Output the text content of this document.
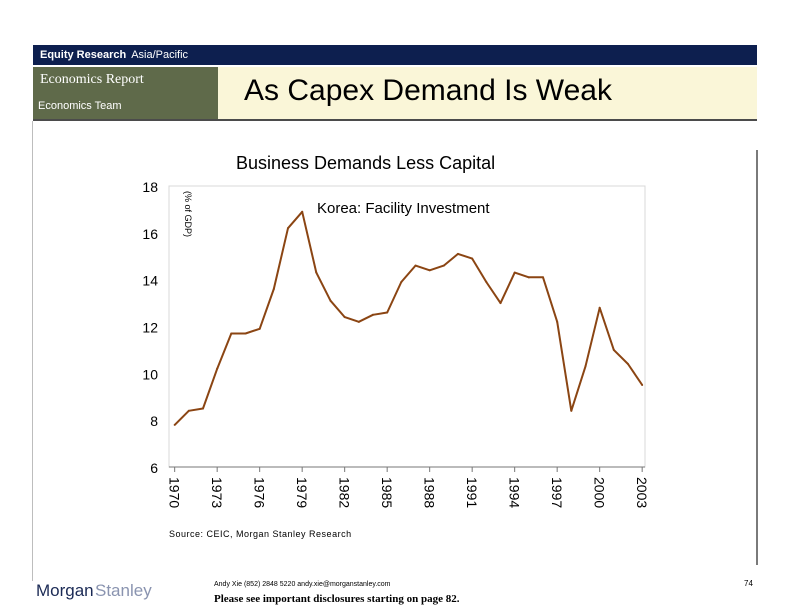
Equity Research Asia/Pacific
Economics Report
Economics Team	As Capex Demand Is Weak
Business Demands Less Capital
6
8
10
12
14
16
18
1970 1973 1976 1979 1982 1985 1988 1991 1994 1997 2000 2003
(% of GDP)	Korea: Facility Investment
Source: CEIC, Morgan Stanley Research
Morgan Stanley	Andy Xie (852) 2848 5220 andy.xie@morganstanley.com
Please see important disclosures starting on page 82.
74
